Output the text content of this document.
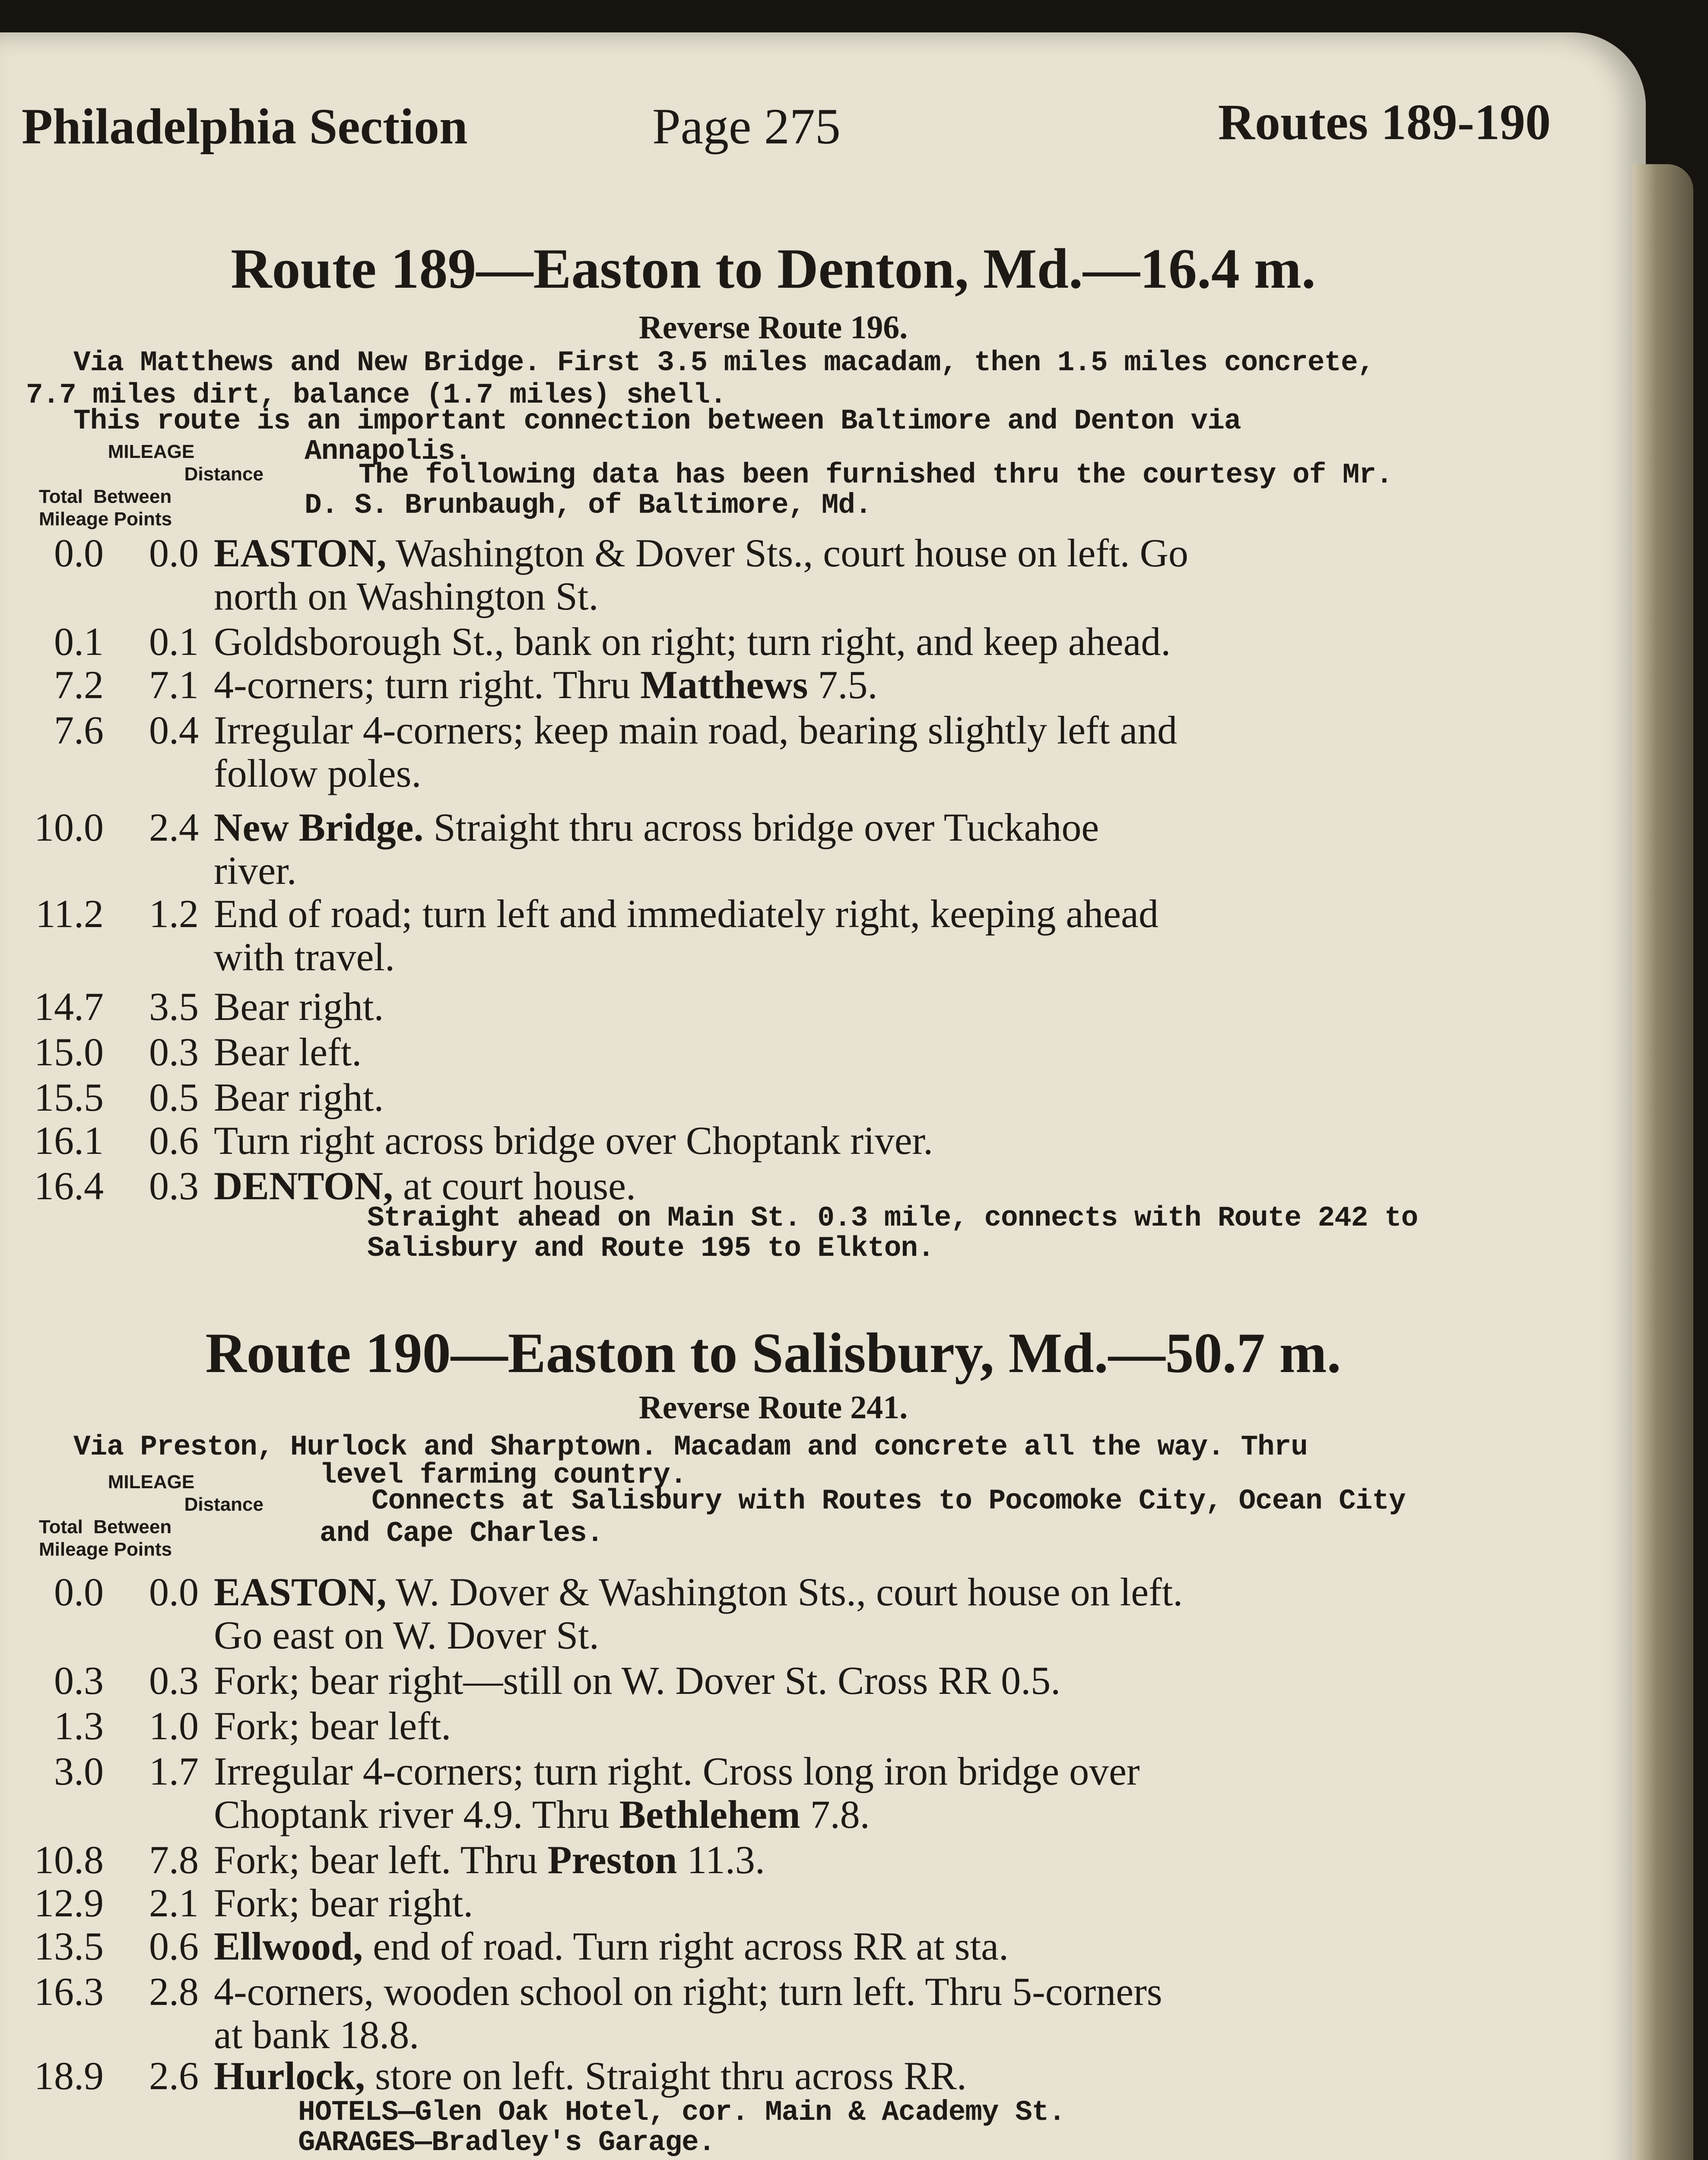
Philadelphia Section	Page 275	Routes 189-190
Route 189—Easton to Denton, Md.—16.4 m.
Reverse Route 196.
Via Matthews and New Bridge. First 3.5 miles macadam, then 1.5 miles concrete,
7.7 miles dirt, balance (1.7 miles) shell.
This route is an important connection between Baltimore and Denton via
Annapolis.
The following data has been furnished thru the courtesy of Mr.
D. S. Brunbaugh, of Baltimore, Md.
MILEAGE
Distance
Total Between
Mileage Points
0.0	0.0 EASTON, Washington & Dover Sts., court house on left. Go
north on Washington St.
0.1	0.1 Goldsborough St., bank on right; turn right, and keep ahead.
7.2	7.1 4-corners; turn right. Thru Matthews 7.5.
7.6	0.4 Irregular 4-corners; keep main road, bearing slightly left and
follow poles.
10.0	2.4 New Bridge. Straight thru across bridge over Tuckahoe
river.
11.2	1.2 End of road; turn left and immediately right, keeping ahead
with travel.
14.7	3.5 Bear right.
15.0	0.3 Bear left.
15.5	0.5 Bear right.
16.1	0.6 Turn right across bridge over Choptank river.
16.4	0.3 DENTON, at court house.
Straight ahead on Main St. 0.3 mile, connects with Route 242 to
Salisbury and Route 195 to Elkton.
Route 190—Easton to Salisbury, Md.—50.7 m.
Reverse Route 241.
Via Preston, Hurlock and Sharptown. Macadam and concrete all the way. Thru
level farming country.
Connects at Salisbury with Routes to Pocomoke City, Ocean City
and Cape Charles.
MILEAGE
Distance
Total Between
Mileage Points
0.0	0.0 EASTON, W. Dover & Washington Sts., court house on left.
Go east on W. Dover St.
0.3	0.3 Fork; bear right—still on W. Dover St. Cross RR 0.5.
1.3	1.0 Fork; bear left.
3.0	1.7 Irregular 4-corners; turn right. Cross long iron bridge over
Choptank river 4.9. Thru Bethlehem 7.8.
10.8	7.8 Fork; bear left. Thru Preston 11.3.
12.9	2.1 Fork; bear right.
13.5	0.6 Ellwood, end of road. Turn right across RR at sta.
16.3	2.8 4-corners, wooden school on right; turn left. Thru 5-corners
at bank 18.8.
18.9	2.6 Hurlock, store on left. Straight thru across RR.
HOTELS—Glen Oak Hotel, cor. Main & Academy St.
GARAGES—Bradley's Garage.
